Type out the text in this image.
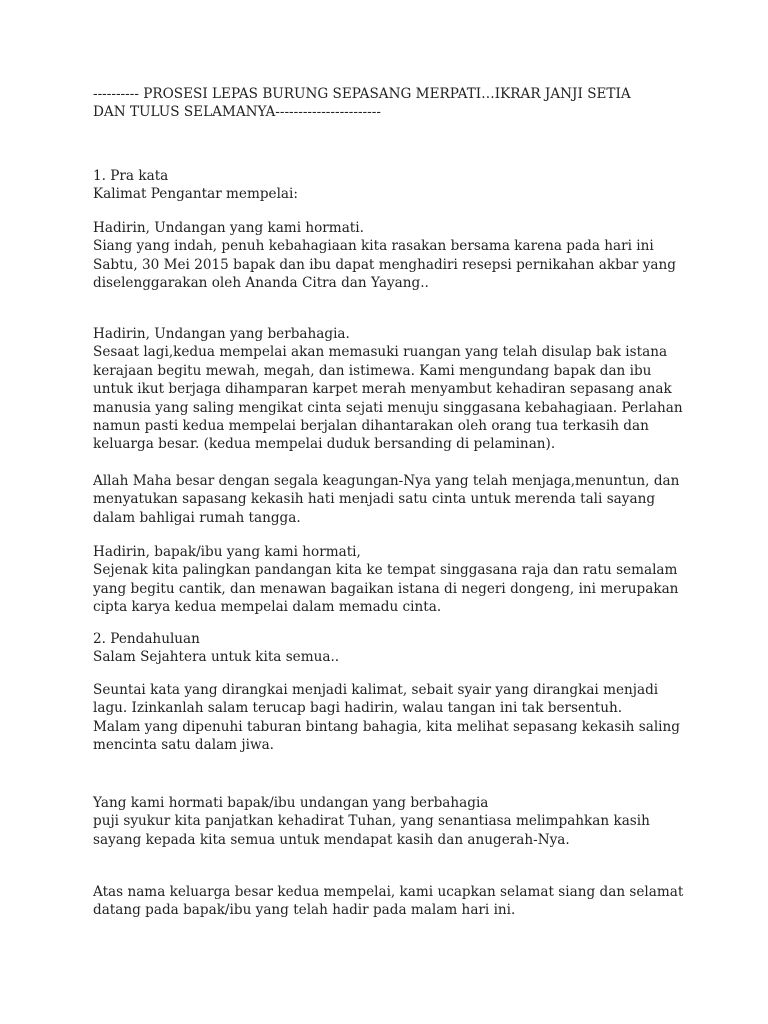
---------- PROSESI LEPAS BURUNG SEPASANG MERPATI…IKRAR JANJI SETIA

DAN TULUS SELAMANYA-----------------------

1. Pra kata

Kalimat Pengantar mempelai:

Hadirin, Undangan yang kami hormati.

Siang yang indah, penuh kebahagiaan kita rasakan bersama karena pada hari ini

Sabtu, 30 Mei 2015 bapak dan ibu dapat menghadiri resepsi pernikahan akbar yang

diselenggarakan oleh Ananda Citra dan Yayang..

Hadirin, Undangan yang berbahagia.

Sesaat lagi,kedua mempelai akan memasuki ruangan yang telah disulap bak istana

kerajaan begitu mewah, megah, dan istimewa. Kami mengundang bapak dan ibu

untuk ikut berjaga dihamparan karpet merah menyambut kehadiran sepasang anak

manusia yang saling mengikat cinta sejati menuju singgasana kebahagiaan. Perlahan

namun pasti kedua mempelai berjalan dihantarakan oleh orang tua terkasih dan

keluarga besar. (kedua mempelai duduk bersanding di pelaminan).

Allah Maha besar dengan segala keagungan-Nya yang telah menjaga,menuntun, dan

menyatukan sapasang kekasih hati menjadi satu cinta untuk merenda tali sayang

dalam bahligai rumah tangga.

Hadirin, bapak/ibu yang kami hormati,

Sejenak kita palingkan pandangan kita ke tempat singgasana raja dan ratu semalam

yang begitu cantik, dan menawan bagaikan istana di negeri dongeng, ini merupakan

cipta karya kedua mempelai dalam memadu cinta.

2. Pendahuluan

Salam Sejahtera untuk kita semua..

Seuntai kata yang dirangkai menjadi kalimat, sebait syair yang dirangkai menjadi

lagu. Izinkanlah salam terucap bagi hadirin, walau tangan ini tak bersentuh.

Malam yang dipenuhi taburan bintang bahagia, kita melihat sepasang kekasih saling

mencinta satu dalam jiwa.

Yang kami hormati bapak/ibu undangan yang berbahagia

puji syukur kita panjatkan kehadirat Tuhan, yang senantiasa melimpahkan kasih

sayang kepada kita semua untuk mendapat kasih dan anugerah-Nya.

Atas nama keluarga besar kedua mempelai, kami ucapkan selamat siang dan selamat

datang pada bapak/ibu yang telah hadir pada malam hari ini.
